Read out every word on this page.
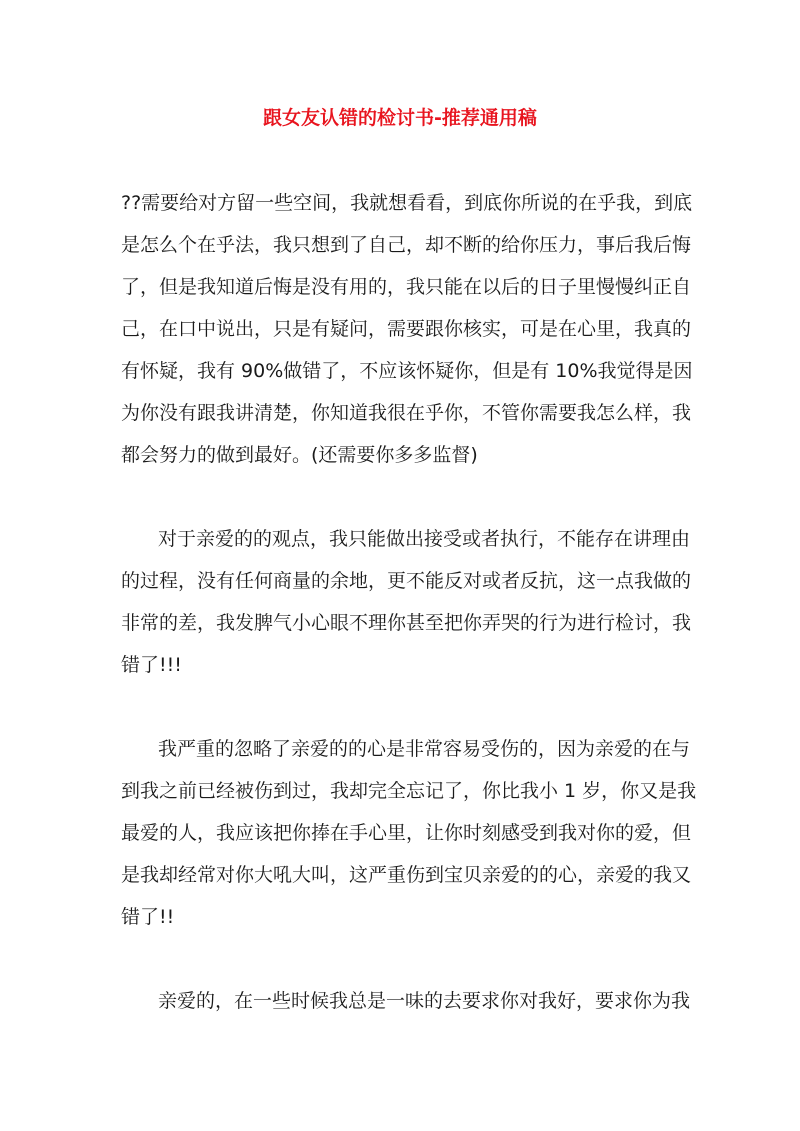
跟女友认错的检讨书-推荐通用稿
??需要给对方留一些空间，我就想看看，到底你所说的在乎我，到底
是怎么个在乎法，我只想到了自己，却不断的给你压力，事后我后悔
了，但是我知道后悔是没有用的，我只能在以后的日子里慢慢纠正自
己，在口中说出，只是有疑问，需要跟你核实，可是在心里，我真的
有怀疑，我有 90%做错了，不应该怀疑你，但是有 10%我觉得是因
为你没有跟我讲清楚，你知道我很在乎你，不管你需要我怎么样，我
都会努力的做到最好。(还需要你多多监督)
对于亲爱的的观点，我只能做出接受或者执行，不能存在讲理由
的过程，没有任何商量的余地，更不能反对或者反抗，这一点我做的
非常的差，我发脾气小心眼不理你甚至把你弄哭的行为进行检讨，我
错了!!!
我严重的忽略了亲爱的的心是非常容易受伤的，因为亲爱的在与
到我之前已经被伤到过，我却完全忘记了，你比我小 1 岁，你又是我
最爱的人，我应该把你捧在手心里，让你时刻感受到我对你的爱，但
是我却经常对你大吼大叫，这严重伤到宝贝亲爱的的心，亲爱的我又
错了!!
亲爱的，在一些时候我总是一味的去要求你对我好，要求你为我
